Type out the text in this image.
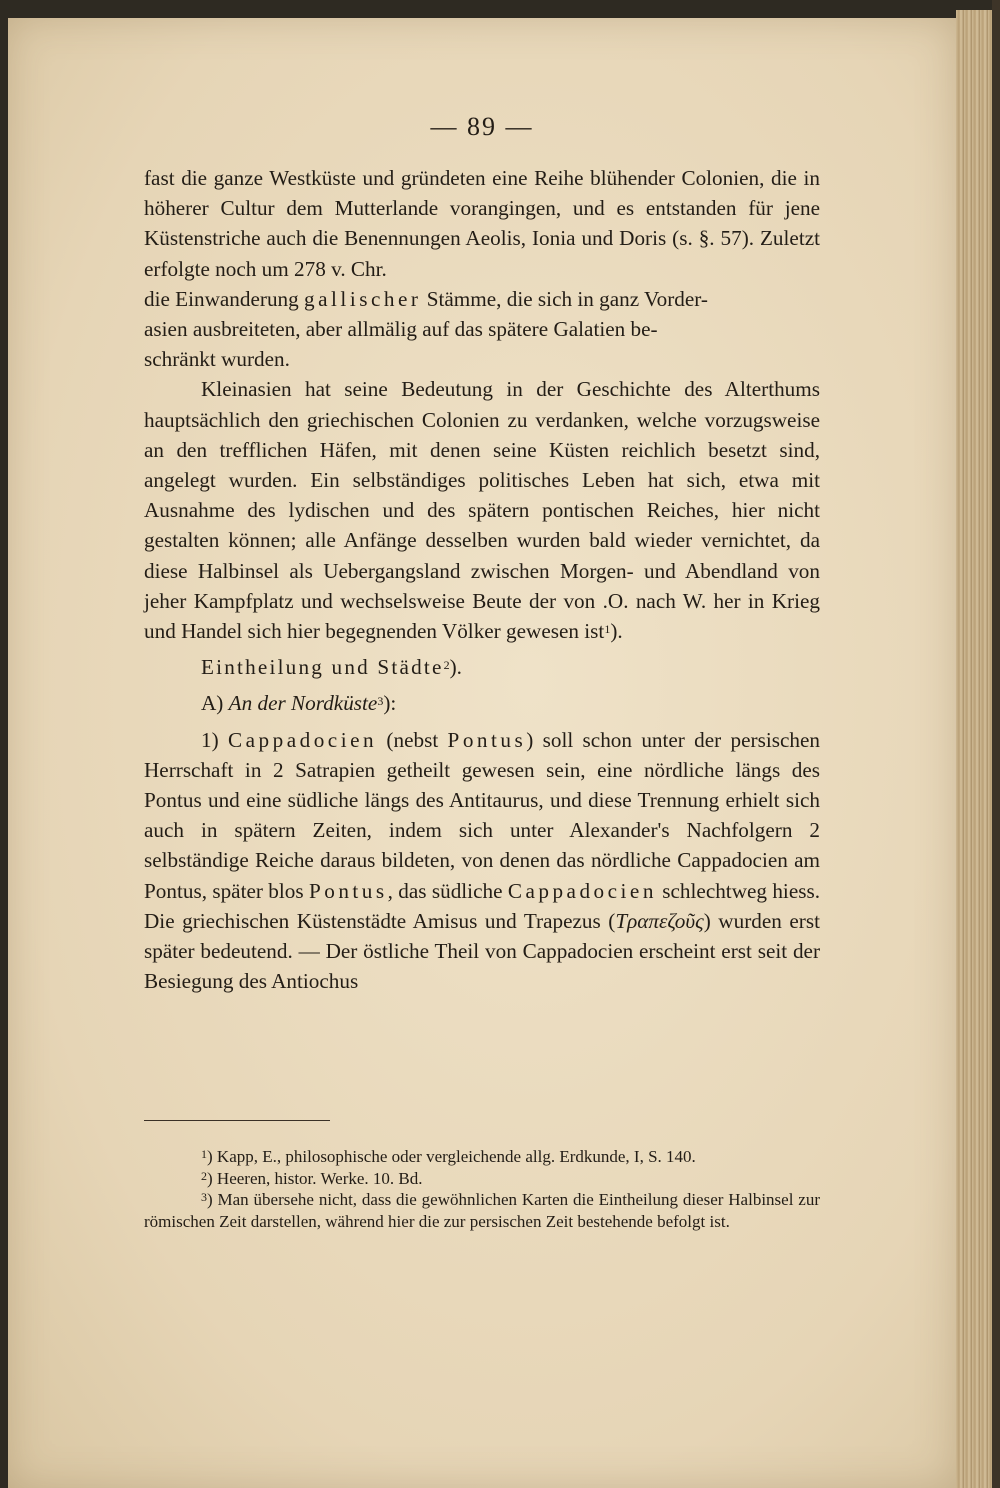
— 89 —

fast die ganze Westküste und gründeten eine Reihe blühender Colonien, die in höherer Cultur dem Mutterlande vorangingen, und es entstanden für jene Küstenstriche auch die Benennungen Aeolis, Ionia und Doris (s. §. 57). Zuletzt erfolgte noch um 278 v. Chr.
die Einwanderung gallischer Stämme, die sich in ganz Vorder-
asien ausbreiteten, aber allmälig auf das spätere Galatien be-
schränkt wurden.

Kleinasien hat seine Bedeutung in der Geschichte des Alterthums hauptsächlich den griechischen Colonien zu verdanken, welche vorzugsweise an den trefflichen Häfen, mit denen seine Küsten reichlich besetzt sind, angelegt wurden. Ein selbständiges politisches Leben hat sich, etwa mit Ausnahme des lydischen und des spätern pontischen Reiches, hier nicht gestalten können; alle Anfänge desselben wurden bald wieder vernichtet, da diese Halbinsel als Uebergangsland zwischen Morgen- und Abendland von jeher Kampfplatz und wechselsweise Beute der von .O. nach W. her in Krieg und Handel sich hier begegnenden Völker gewesen ist$^1$).

Eintheilung und Städte$^2$).
A) An der Nordküste$^3$):

1) Cappadocien (nebst Pontus) soll schon unter der persischen Herrschaft in 2 Satrapien getheilt gewesen sein, eine nördliche längs des Pontus und eine südliche längs des Antitaurus, und diese Trennung erhielt sich auch in spätern Zeiten, indem sich unter Alexander's Nachfolgern 2 selbständige Reiche daraus bildeten, von denen das nördliche Cappadocien am Pontus, später blos Pontus, das südliche Cappadocien schlechtweg hiess. Die griechischen Küstenstädte Amisus und Trapezus (Τραπεζοῦς) wurden erst später bedeutend. — Der östliche Theil von Cappadocien erscheint erst seit der Besiegung des Antiochus

$^1$) Kapp, E., philosophische oder vergleichende allg. Erdkunde, I, S. 140.

$^2$) Heeren, histor. Werke. 10. Bd.

$^3$) Man übersehe nicht, dass die gewöhnlichen Karten die Eintheilung dieser Halbinsel zur römischen Zeit darstellen, während hier die zur persischen Zeit bestehende befolgt ist.
